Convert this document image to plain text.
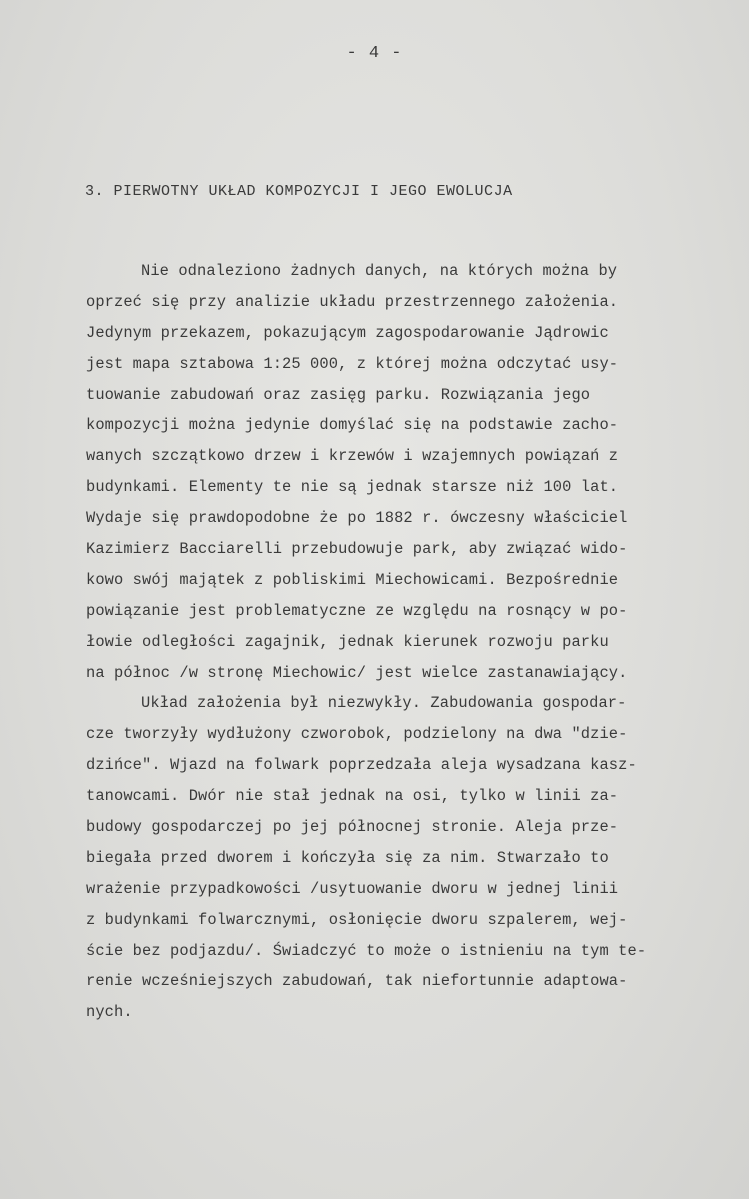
- 4 -
3. PIERWOTNY UKŁAD KOMPOZYCJI I JEGO EWOLUCJA
Nie odnaleziono żadnych danych, na których można by
oprzeć się przy analizie układu przestrzennego założenia.
Jedynym przekazem, pokazującym zagospodarowanie Jądrowic
jest mapa sztabowa 1:25 000, z której można odczytać usy-
tuowanie zabudowań oraz zasięg parku. Rozwiązania jego
kompozycji można jedynie domyślać się na podstawie zacho-
wanych szczątkowo drzew i krzewów i wzajemnych powiązań z
budynkami. Elementy te nie są jednak starsze niż 100 lat.
Wydaje się prawdopodobne że po 1882 r. ówczesny właściciel
Kazimierz Bacciarelli przebudowuje park, aby związać wido-
kowo swój majątek z pobliskimi Miechowicami. Bezpośrednie
powiązanie jest problematyczne ze względu na rosnący w po-
łowie odległości zagajnik, jednak kierunek rozwoju parku
na północ /w stronę Miechowic/ jest wielce zastanawiający.
Układ założenia był niezwykły. Zabudowania gospodar-
cze tworzyły wydłużony czworobok, podzielony na dwa "dzie-
dzińce". Wjazd na folwark poprzedzała aleja wysadzana kasz-
tanowcami. Dwór nie stał jednak na osi, tylko w linii za-
budowy gospodarczej po jej północnej stronie. Aleja prze-
biegała przed dworem i kończyła się za nim. Stwarzało to
wrażenie przypadkowości /usytuowanie dworu w jednej linii
z budynkami folwarcznymi, osłonięcie dworu szpalerem, wej-
ście bez podjazdu/. Świadczyć to może o istnieniu na tym te-
renie wcześniejszych zabudowań, tak niefortunnie adaptowa-
nych.
